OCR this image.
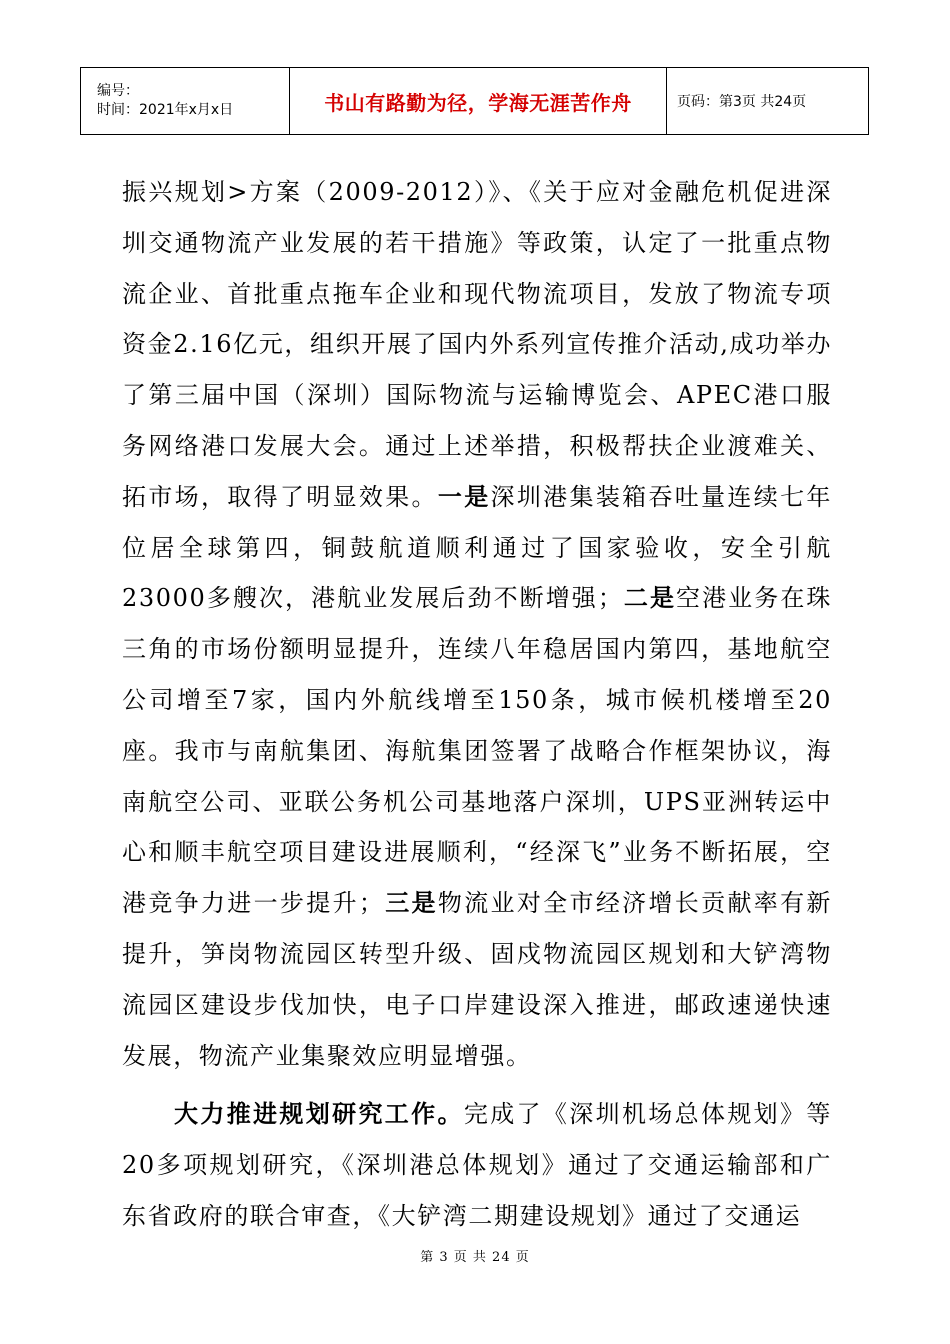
编号：
时间：2021年x月x日	书山有路勤为径，学海无涯苦作舟	页码：第3页 共24页

振兴规划>方案（2009-2012）》、《关于应对金融危机促进深圳交通物流产业发展的若干措施》等政策，认定了一批重点物流企业、首批重点拖车企业和现代物流项目，发放了物流专项资金2.16亿元，组织开展了国内外系列宣传推介活动,成功举办了第三届中国（深圳）国际物流与运输博览会、APEC港口服务网络港口发展大会。通过上述举措，积极帮扶企业渡难关、拓市场，取得了明显效果。一是深圳港集装箱吞吐量连续七年位居全球第四，铜鼓航道顺利通过了国家验收，安全引航23000多艘次，港航业发展后劲不断增强；二是空港业务在珠三角的市场份额明显提升，连续八年稳居国内第四，基地航空公司增至7家，国内外航线增至150条，城市候机楼增至20座。我市与南航集团、海航集团签署了战略合作框架协议，海南航空公司、亚联公务机公司基地落户深圳，UPS亚洲转运中心和顺丰航空项目建设进展顺利，“经深飞”业务不断拓展，空港竞争力进一步提升；三是物流业对全市经济增长贡献率有新提升，笋岗物流园区转型升级、固戍物流园区规划和大铲湾物流园区建设步伐加快，电子口岸建设深入推进，邮政速递快速发展，物流产业集聚效应明显增强。

大力推进规划研究工作。完成了《深圳机场总体规划》等20多项规划研究，《深圳港总体规划》通过了交通运输部和广东省政府的联合审查，《大铲湾二期建设规划》通过了交通运

第 3 页 共 24 页
